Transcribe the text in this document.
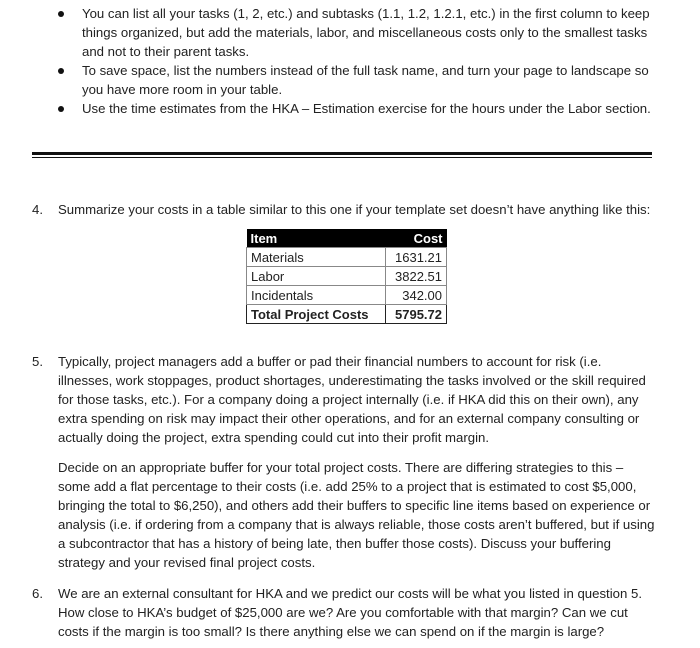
You can list all your tasks (1, 2, etc.) and subtasks (1.1, 1.2, 1.2.1, etc.) in the first column to keep things organized, but add the materials, labor, and miscellaneous costs only to the smallest tasks and not to their parent tasks.
To save space, list the numbers instead of the full task name, and turn your page to landscape so you have more room in your table.
Use the time estimates from the HKA – Estimation exercise for the hours under the Labor section.
4.	Summarize your costs in a table similar to this one if your template set doesn’t have anything like this:

Item	Cost
Materials	1631.21
Labor	3822.51
Incidentals	342.00
Total Project Costs	5795.72
5.	Typically, project managers add a buffer or pad their financial numbers to account for risk (i.e. illnesses, work stoppages, product shortages, underestimating the tasks involved or the skill required for those tasks, etc.). For a company doing a project internally (i.e. if HKA did this on their own), any extra spending on risk may impact their other operations, and for an external company consulting or actually doing the project, extra spending could cut into their profit margin.

Decide on an appropriate buffer for your total project costs. There are differing strategies to this – some add a flat percentage to their costs (i.e. add 25% to a project that is estimated to cost $5,000, bringing the total to $6,250), and others add their buffers to specific line items based on experience or analysis (i.e. if ordering from a company that is always reliable, those costs aren’t buffered, but if using a subcontractor that has a history of being late, then buffer those costs). Discuss your buffering strategy and your revised final project costs.

6.	We are an external consultant for HKA and we predict our costs will be what you listed in question 5. How close to HKA’s budget of $25,000 are we? Are you comfortable with that margin? Can we cut costs if the margin is too small? Is there anything else we can spend on if the margin is large?
